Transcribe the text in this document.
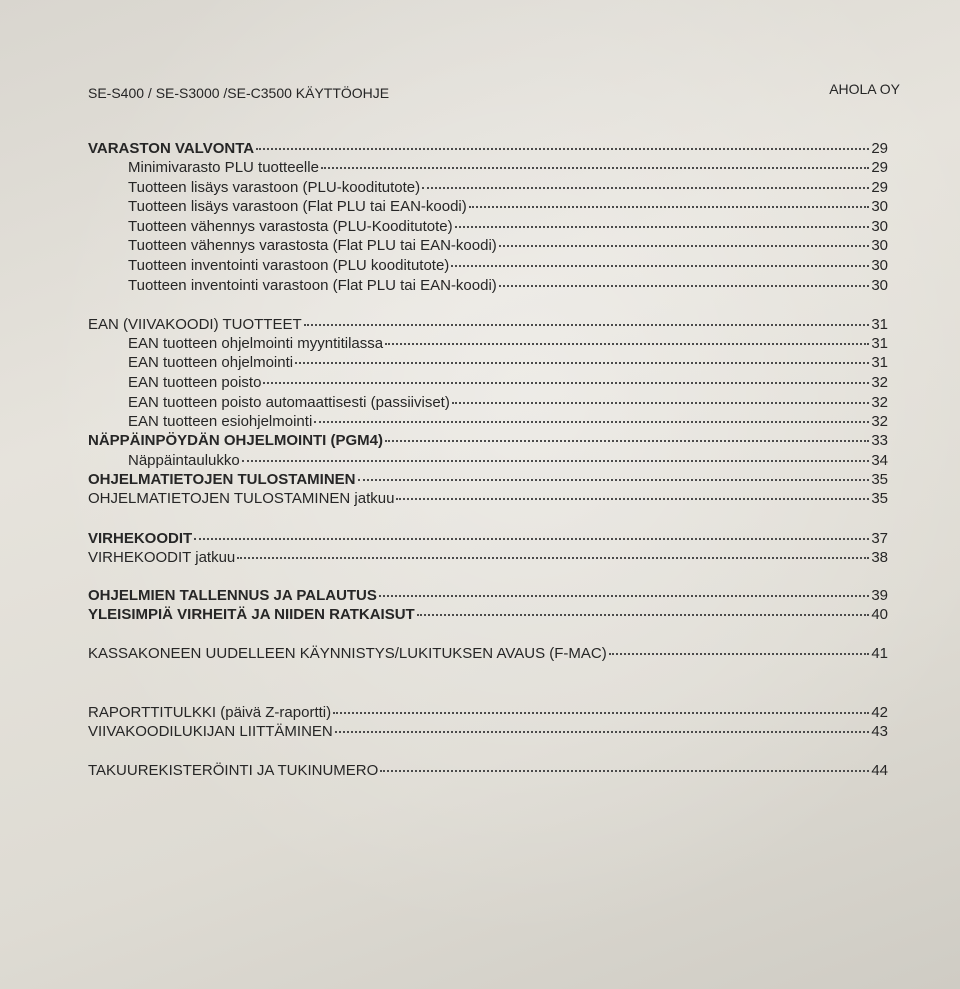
SE-S400 / SE-S3000 /SE-C3500 KÄYTTÖOHJE	AHOLA OY
VARASTON VALVONTA	29
Minimivarasto PLU tuotteelle	29
Tuotteen lisäys varastoon (PLU-kooditutote)	29
Tuotteen lisäys varastoon (Flat PLU tai EAN-koodi)	30
Tuotteen vähennys varastosta (PLU-Kooditutote)	30
Tuotteen vähennys varastosta (Flat PLU tai EAN-koodi)	30
Tuotteen inventointi varastoon (PLU kooditutote)	30
Tuotteen inventointi varastoon (Flat PLU tai EAN-koodi)	30
EAN (VIIVAKOODI) TUOTTEET	31
EAN tuotteen ohjelmointi myyntitilassa	31
EAN tuotteen ohjelmointi	31
EAN tuotteen poisto	32
EAN tuotteen poisto automaattisesti (passiiviset)	32
EAN tuotteen esiohjelmointi	32
NÄPPÄINPÖYDÄN OHJELMOINTI (PGM4)	33
Näppäintaulukko	34
OHJELMATIETOJEN TULOSTAMINEN	35
OHJELMATIETOJEN TULOSTAMINEN jatkuu	35
VIRHEKOODIT	37
VIRHEKOODIT jatkuu	38
OHJELMIEN TALLENNUS JA PALAUTUS	39
YLEISIMPIÄ VIRHEITÄ JA NIIDEN RATKAISUT	40
KASSAKONEEN UUDELLEEN KÄYNNISTYS/LUKITUKSEN AVAUS (F-MAC)	41
RAPORTTITULKKI (päivä Z-raportti)	42
VIIVAKOODILUKIJAN LIITTÄMINEN	43
TAKUUREKISTERÖINTI JA TUKINUMERO	44
